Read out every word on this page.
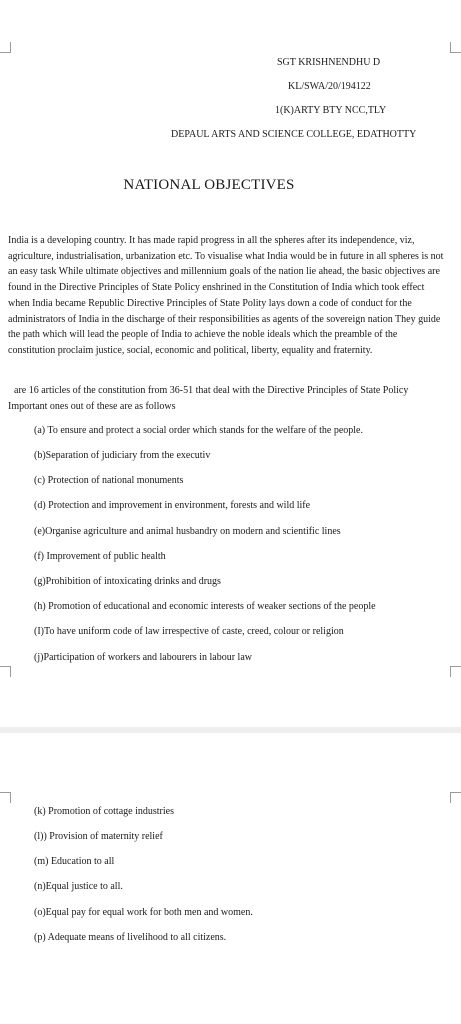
SGT KRISHNENDHU D
KL/SWA/20/194122
1(K)ARTY BTY NCC,TLY
DEPAUL ARTS AND SCIENCE COLLEGE, EDATHOTTY
NATIONAL OBJECTIVES

India is a developing country. It has made rapid progress in all the spheres after its independence, viz, agriculture, industrialisation, urbanization etc. To visualise what India would be in future in all spheres is not an easy task While ultimate objectives and millennium goals of the nation lie ahead, the basic objectives are found in the Directive Principles of State Policy enshrined in the Constitution of India which took effect when India became Republic Directive Principles of State Polity lays down a code of conduct for the administrators of India in the discharge of their responsibilities as agents of the sovereign nation They guide the path which will lead the people of India to achieve the noble ideals which the preamble of the constitution proclaim justice, social, economic and political, liberty, equality and fraternity.

are 16 articles of the constitution from 36-51 that deal with the Directive Principles of State Policy Important ones out of these are as follows

(a) To ensure and protect a social order which stands for the welfare of the people.
(b)Separation of judiciary from the executiv
(c) Protection of national monuments
(d) Protection and improvement in environment, forests and wild life
(e)Organise agriculture and animal husbandry on modern and scientific lines
(f) Improvement of public health
(g)Prohibition of intoxicating drinks and drugs
(h) Promotion of educational and economic interests of weaker sections of the people
(I)To have uniform code of law irrespective of caste, creed, colour or religion
(j)Participation of workers and labourers in labour law
(k) Promotion of cottage industries
(l)) Provision of maternity relief
(m) Education to all
(n)Equal justice to all.
(o)Equal pay for equal work for both men and women.
(p) Adequate means of livelihood to all citizens.
